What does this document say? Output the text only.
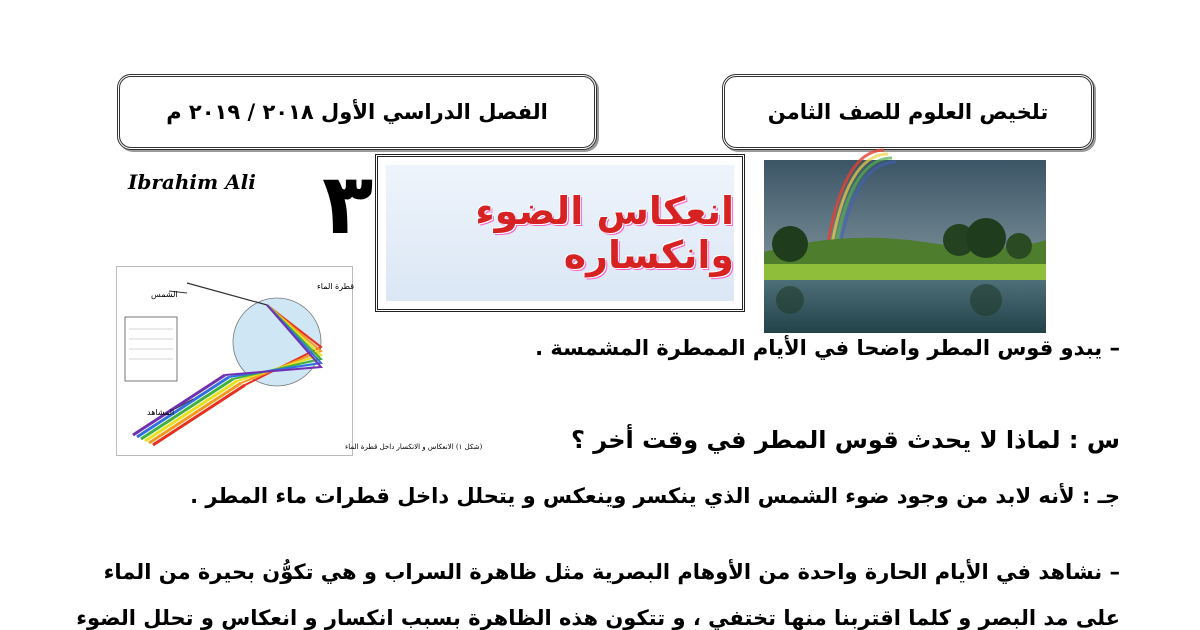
تلخيص العلوم للصف الثامن
الفصل الدراسي الأول ٢٠١٨ / ٢٠١٩ م
Ibrahim Ali ٣	انعكاس الضوء وانكساره
الشمس
قطرة الماء
المشاهد
(شكل ١) الانعكاس و الانكسار داخل قطرة الماء
– يبدو قوس المطر واضحا في الأيام الممطرة المشمسة .
س : لماذا لا يحدث قوس المطر في وقت أخر ؟
جـ : لأنه لابد من وجود ضوء الشمس الذي ينكسر وينعكس و يتحلل داخل قطرات ماء المطر .
– نشاهد في الأيام الحارة واحدة من الأوهام البصرية مثل ظاهرة السراب و هي تكوُّن بحيرة من الماء
على مد البصر و كلما اقتربنا منها تختفي ، و تتكون هذه الظاهرة بسبب انكسار و انعكاس و تحلل الضوء
